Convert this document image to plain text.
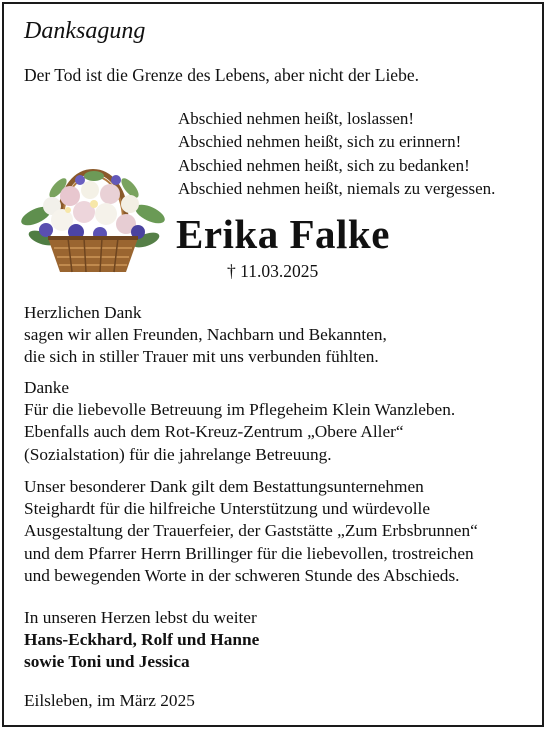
Danksagung
Der Tod ist die Grenze des Lebens, aber nicht der Liebe.
Abschied nehmen heißt, loslassen!
Abschied nehmen heißt, sich zu erinnern!
Abschied nehmen heißt, sich zu bedanken!
Abschied nehmen heißt, niemals zu vergessen.
Erika Falke
† 11.03.2025
Herzlichen Dank
sagen wir allen Freunden, Nachbarn und Bekannten,
die sich in stiller Trauer mit uns verbunden fühlten.
Danke
Für die liebevolle Betreuung im Pflegeheim Klein Wanzleben.
Ebenfalls auch dem Rot-Kreuz-Zentrum „Obere Aller“
(Sozialstation) für die jahrelange Betreuung.
Unser besonderer Dank gilt dem Bestattungsunternehmen
Steighardt für die hilfreiche Unterstützung und würdevolle
Ausgestaltung der Trauerfeier, der Gaststätte „Zum Erbsbrunnen“
und dem Pfarrer Herrn Brillinger für die liebevollen, trostreichen
und bewegenden Worte in der schweren Stunde des Abschieds.
In unseren Herzen lebst du weiter
Hans-Eckhard, Rolf und Hanne
sowie Toni und Jessica
Eilsleben, im März 2025
